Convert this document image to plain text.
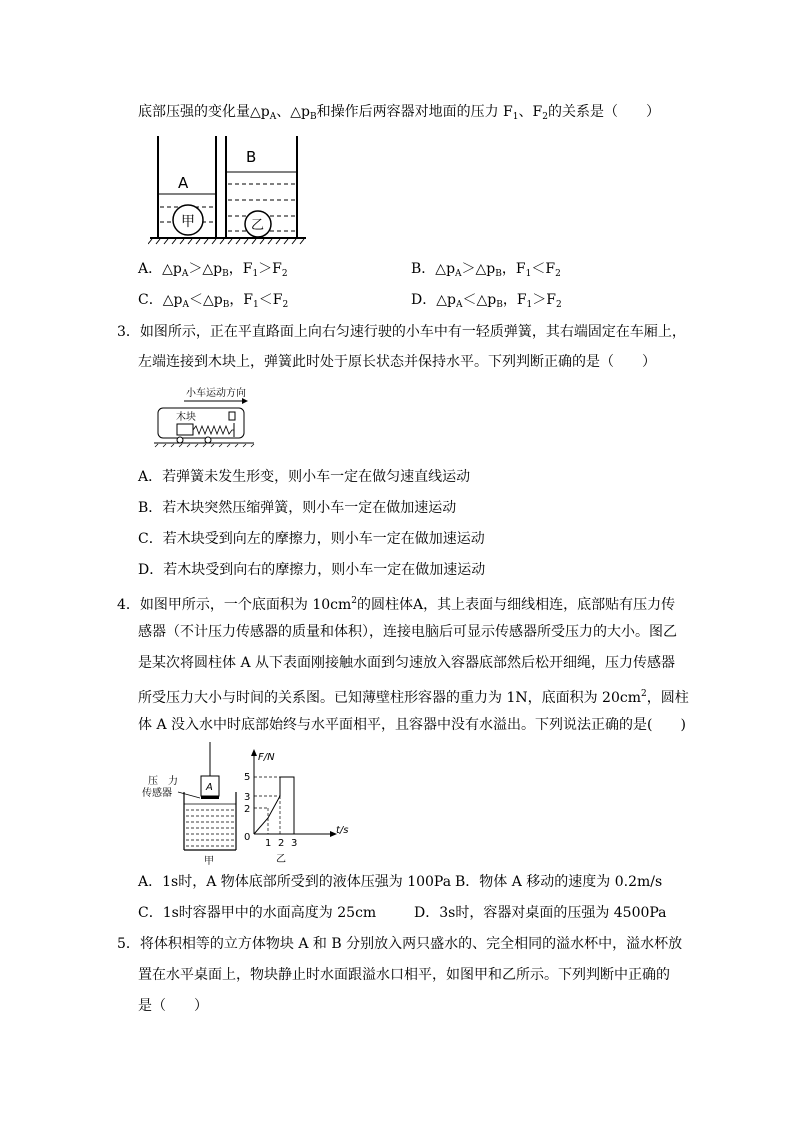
底部压强的变化量$\triangle p_A$、$\triangle p_B$和操作后两容器对地面的压力 $F_1$、$F_2$的关系是（　　）
A
甲
B
乙
A．$\triangle p_A>\triangle p_B$，$F_1>F_2$	B．$\triangle p_A>\triangle p_B$，$F_1<F_2$
C．$\triangle p_A<\triangle p_B$，$F_1<F_2$	D．$\triangle p_A<\triangle p_B$，$F_1>F_2$
3．如图所示，正在平直路面上向右匀速行驶的小车中有一轻质弹簧，其右端固定在车厢上，
左端连接到木块上，弹簧此时处于原长状态并保持水平。下列判断正确的是（　　）
小车运动方向
木块
A．若弹簧未发生形变，则小车一定在做匀速直线运动
B．若木块突然压缩弹簧，则小车一定在做加速运动
C．若木块受到向左的摩擦力，则小车一定在做加速运动
D．若木块受到向右的摩擦力，则小车一定在做加速运动
4．如图甲所示，一个底面积为 $10cm^2$的圆柱体A，其上表面与细线相连，底部贴有压力传
感器（不计压力传感器的质量和体积），连接电脑后可显示传感器所受压力的大小。图乙
是某次将圆柱体 A 从下表面刚接触水面到匀速放入容器底部然后松开细绳，压力传感器
所受压力大小与时间的关系图。已知薄壁柱形容器的重力为 1N，底面积为 $20cm^2$，圆柱
体 A 没入水中时底部始终与水平面相平，且容器中没有水溢出。下列说法正确的是(　　)
压　力
传感器
A
甲
F/N
t/s
5
3
2
0
1 2 3
乙
A．1s时，A 物体底部所受到的液体压强为 100Pa B．物体 A 移动的速度为 0.2m/s
C．1s时容器甲中的水面高度为 25cm	D．3s时，容器对桌面的压强为 4500Pa
5．将体积相等的立方体物块 A 和 B 分别放入两只盛水的、完全相同的溢水杯中，溢水杯放
置在水平桌面上，物块静止时水面跟溢水口相平，如图甲和乙所示。下列判断中正确的
是（　　）
